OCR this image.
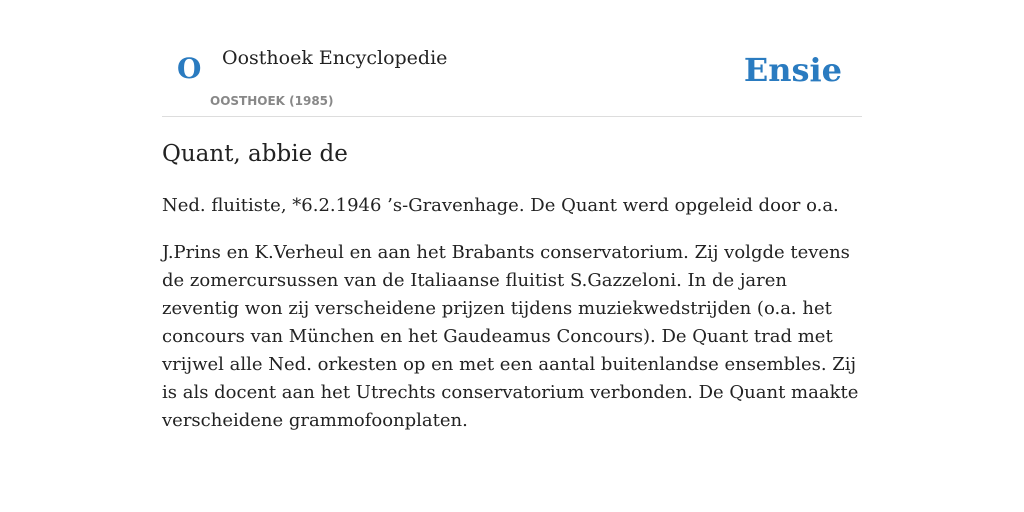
O Oosthoek Encyclopedie
OOSTHOEK (1985)
Ensie
Quant, abbie de

Ned. fluitiste, *6.2.1946 ’s-Gravenhage. De Quant werd opgeleid door o.a.

J.Prins en K.Verheul en aan het Brabants conservatorium. Zij volgde tevens de zomercursussen van de Italiaanse fluitist S.Gazzeloni. In de jaren zeventig won zij verscheidene prijzen tijdens muziekwedstrijden (o.a. het concours van München en het Gaudeamus Concours). De Quant trad met vrijwel alle Ned. orkesten op en met een aantal buitenlandse ensembles. Zij is als docent aan het Utrechts conservatorium verbonden. De Quant maakte verscheidene grammofoonplaten.
